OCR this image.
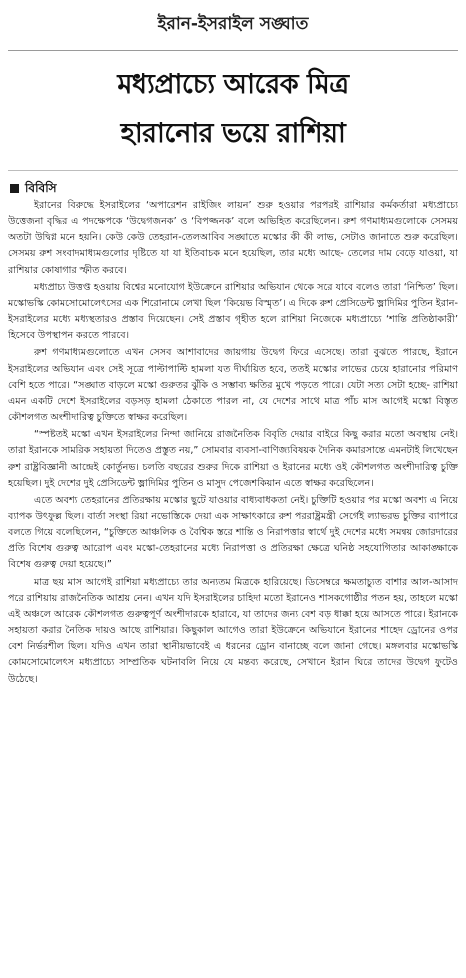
ইরান-ইসরাইল সঙ্ঘাত
মধ্যপ্রাচ্যে আরেক মিত্র
হারানোর ভয়ে রাশিয়া
বিবিসি

ইরানের বিরুদ্ধে ইসরাইলের ‘অপারেশন রাইজিং লায়ন’ শুরু হওয়ার পরপরই রাশিয়ার কর্মকর্তারা মধ্যপ্রাচ্যে উত্তেজনা বৃদ্ধির এ পদক্ষেপকে ‘উদ্বেগজনক’ ও ‘বিপজ্জনক’ বলে অভিহিত করেছিলেন। রুশ গণমাধ্যমগুলোকে সেসময় অতটা উদ্বিগ্ন মনে হয়নি। কেউ কেউ তেহরান-তেলআবিব সঙ্ঘাতে মস্কোর কী কী লাভ, সেটাও জানাতে শুরু করেছিল। সেসময় রুশ সংবাদমাধ্যমগুলোর দৃষ্টিতে যা যা ইতিবাচক মনে হয়েছিল, তার মধ্যে আছে- তেলের দাম বেড়ে যাওয়া, যা রাশিয়ার কোষাগার স্ফীত করবে।

মধ্যপ্রাচ্য উত্তপ্ত হওয়ায় বিশ্বের মনোযোগ ইউক্রেনে রাশিয়ার অভিযান থেকে সরে যাবে বলেও তারা ‘নিশ্চিত’ ছিল। মস্কোভস্কি কোমসোমোলেৎসের এক শিরোনামে লেখা ছিল ‘কিয়েভ বিস্মৃত’। এ দিকে রুশ প্রেসিডেন্ট ভ্লাদিমির পুতিন ইরান-ইসরাইলের মধ্যে মধ্যস্থতারও প্রস্তাব দিয়েছেন। সেই প্রস্তাব গৃহীত হলে রাশিয়া নিজেকে মধ্যপ্রাচ্যে ‘শান্তি প্রতিষ্ঠাকারী’ হিসেবে উপস্থাপন করতে পারবে।

রুশ গণমাধ্যমগুলোতে এখন সেসব আশাবাদের জায়গায় উদ্বেগ ফিরে এসেছে। তারা বুঝতে পারছে, ইরানে ইসরাইলের অভিযান এবং সেই সূত্রে পাল্টাপাল্টি হামলা যত দীর্ঘায়িত হবে, ততই মস্কোর লাভের চেয়ে হারানোর পরিমাণ বেশি হতে পারে। “সঙ্ঘাত বাড়লে মস্কো গুরুতর ঝুঁকি ও সম্ভাব্য ক্ষতির মুখে পড়তে পারে। যেটা সত্য সেটা হচ্ছে- রাশিয়া এমন একটি দেশে ইসরাইলের বড়সড় হামলা ঠেকাতে পারল না, যে দেশের সাথে মাত্র পাঁচ মাস আগেই মস্কো বিস্তৃত কৌশলগত অংশীদারিত্ব চুক্তিতে স্বাক্ষর করেছিল।

“স্পষ্টতই মস্কো এখন ইসরাইলের নিন্দা জানিয়ে রাজনৈতিক বিবৃতি দেয়ার বাইরে কিছু করার মতো অবস্থায় নেই। তারা ইরানকে সামরিক সহায়তা দিতেও প্রস্তুত নয়,” সোমবার ব্যবসা-বাণিজ্যবিষয়ক দৈনিক কমারসান্তে এমনটাই লিখেছেন রুশ রাষ্ট্রবিজ্ঞানী আন্দ্রেই কোর্তুনভ। চলতি বছরের শুরুর দিকে রাশিয়া ও ইরানের মধ্যে ওই কৌশলগত অংশীদারিত্ব চুক্তি হয়েছিল। দুই দেশের দুই প্রেসিডেন্ট ভ্লাদিমির পুতিন ও মাসুদ পেজেশকিয়ান এতে স্বাক্ষর করেছিলেন।

এতে অবশ্য তেহরানের প্রতিরক্ষায় মস্কোর ছুটে যাওয়ার বাধ্যবাধকতা নেই। চুক্তিটি হওয়ার পর মস্কো অবশ্য এ নিয়ে ব্যাপক উৎফুল্ল ছিল। বার্তা সংস্থা রিয়া নভোস্তিকে দেয়া এক সাক্ষাৎকারে রুশ পররাষ্ট্রমন্ত্রী সের্গেই ল্যাভরভ চুক্তির ব্যাপারে বলতে গিয়ে বলেছিলেন, “চুক্তিতে আঞ্চলিক ও বৈশ্বিক স্তরে শান্তি ও নিরাপত্তার স্বার্থে দুই দেশের মধ্যে সমন্বয় জোরদারের প্রতি বিশেষ গুরুত্ব আরোপ এবং মস্কো-তেহরানের মধ্যে নিরাপত্তা ও প্রতিরক্ষা ক্ষেত্রে ঘনিষ্ঠ সহযোগিতার আকাঙ্ক্ষাকে বিশেষ গুরুত্ব দেয়া হয়েছে।”

মাত্র ছয় মাস আগেই রাশিয়া মধ্যপ্রাচ্যে তার অন্যতম মিত্রকে হারিয়েছে। ডিসেম্বরে ক্ষমতাচ্যুত বাশার আল-আসাদ পরে রাশিয়ায় রাজনৈতিক আশ্রয় নেন। এখন যদি ইসরাইলের চাহিদা মতো ইরানেও শাসকগোষ্ঠীর পতন হয়, তাহলে মস্কো এই অঞ্চলে আরেক কৌশলগত গুরুত্বপূর্ণ অংশীদারকে হারাবে, যা তাদের জন্য বেশ বড় ধাক্কা হয়ে আসতে পারে। ইরানকে সহায়তা করার নৈতিক দায়ও আছে রাশিয়ার। কিছুকাল আগেও তারা ইউক্রেনে অভিযানে ইরানের শাহেদ ড্রোনের ওপর বেশ নির্ভরশীল ছিল। যদিও এখন তারা স্থানীয়ভাবেই এ ধরনের ড্রোন বানাচ্ছে বলে জানা গেছে। মঙ্গলবার মস্কোভস্কি কোমসোমোলেৎস মধ্যপ্রাচ্যে সাম্প্রতিক ঘটনাবলি নিয়ে যে মন্তব্য করেছে, সেখানে ইরান ঘিরে তাদের উদ্বেগ ফুটেও উঠেছে।
